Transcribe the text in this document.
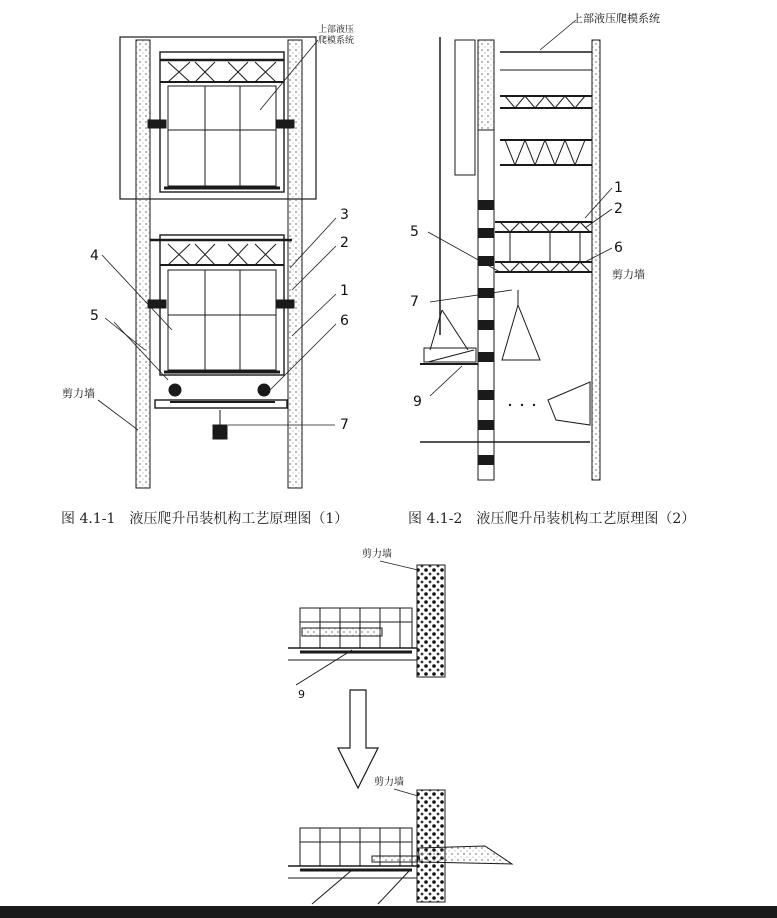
上部液压
爬模系统
3
2
1
6
7
4
5
剪力墙
上部液压爬模系统
1
2
6
剪力墙
5
7
9
剪力墙
9
剪力墙
图 4.1-1　液压爬升吊装机构工艺原理图（1）	图 4.1-2　液压爬升吊装机构工艺原理图（2）
